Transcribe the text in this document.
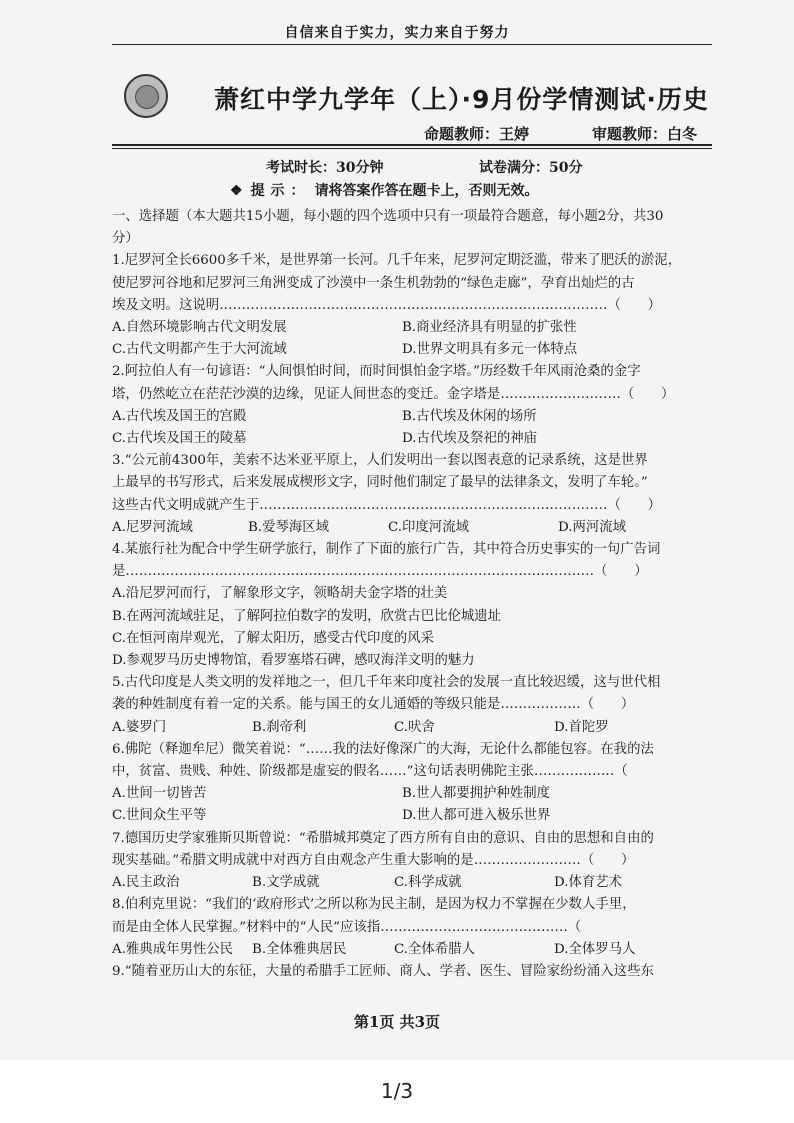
自信来自于实力，实力来自于努力
萧红中学九学年（上）·9月份学情测试·历史
命题教师：王婷	审题教师：白冬
考试时长：30分钟	试卷满分：50分
❖ 提示： 请将答案作答在题卡上，否则无效。

一、选择题（本大题共15小题，每小题的四个选项中只有一项最符合题意，每小题2分，共30

分）

1.尼罗河全长6600多千米，是世界第一长河。几千年来，尼罗河定期泛滥，带来了肥沃的淤泥，

使尼罗河谷地和尼罗河三角洲变成了沙漠中一条生机勃勃的“绿色走廊”，孕育出灿烂的古

埃及文明。这说明……………………………………………………………………………（　　）

A.自然环境影响古代文明发展	B.商业经济具有明显的扩张性
C.古代文明都产生于大河流域	D.世界文明具有多元一体特点

2.阿拉伯人有一句谚语：“人间惧怕时间，而时间惧怕金字塔。”历经数千年风雨沧桑的金字

塔，仍然屹立在茫茫沙漠的边缘，见证人间世态的变迁。金字塔是………………………（　　）

A.古代埃及国王的宫殿	B.古代埃及休闲的场所
C.古代埃及国王的陵墓	D.古代埃及祭祀的神庙

3.“公元前4300年，美索不达米亚平原上，人们发明出一套以图表意的记录系统，这是世界

上最早的书写形式，后来发展成楔形文字，同时他们制定了最早的法律条文，发明了车轮。”

这些古代文明成就产生于……………………………………………………………………（　　）

A.尼罗河流域	B.爱琴海区域	C.印度河流域	D.两河流域

4.某旅行社为配合中学生研学旅行，制作了下面的旅行广告，其中符合历史事实的一句广告词

是……………………………………………………………………………………………（　　）

A.沿尼罗河而行，了解象形文字，领略胡夫金字塔的壮美

B.在两河流域驻足，了解阿拉伯数字的发明，欣赏古巴比伦城遗址

C.在恒河南岸观光，了解太阳历，感受古代印度的风采

D.参观罗马历史博物馆，看罗塞塔石碑，感叹海洋文明的魅力

5.古代印度是人类文明的发祥地之一，但几千年来印度社会的发展一直比较迟缓，这与世代相

袭的种姓制度有着一定的关系。能与国王的女儿通婚的等级只能是………………（　　）

A.婆罗门	B.刹帝利	C.吠舍	D.首陀罗

6.佛陀（释迦牟尼）微笑着说：“……我的法好像深广的大海，无论什么都能包容。在我的法

中，贫富、贵贱、种姓、阶级都是虚妄的假名……”这句话表明佛陀主张………………（

A.世间一切皆苦	B.世人都要拥护种姓制度
C.世间众生平等	D.世人都可进入极乐世界

7.德国历史学家雅斯贝斯曾说：“希腊城邦奠定了西方所有自由的意识、自由的思想和自由的

现实基础。”希腊文明成就中对西方自由观念产生重大影响的是……………………（　　）

A.民主政治	B.文学成就	C.科学成就	D.体育艺术

8.伯利克里说：“我们的‘政府形式’之所以称为民主制，是因为权力不掌握在少数人手里，

而是由全体人民掌握。”材料中的“人民”应该指……………………………………（

A.雅典成年男性公民	B.全体雅典居民	C.全体希腊人	D.全体罗马人

9.“随着亚历山大的东征，大量的希腊手工匠师、商人、学者、医生、冒险家纷纷涌入这些东

第1页 共3页
1/3
